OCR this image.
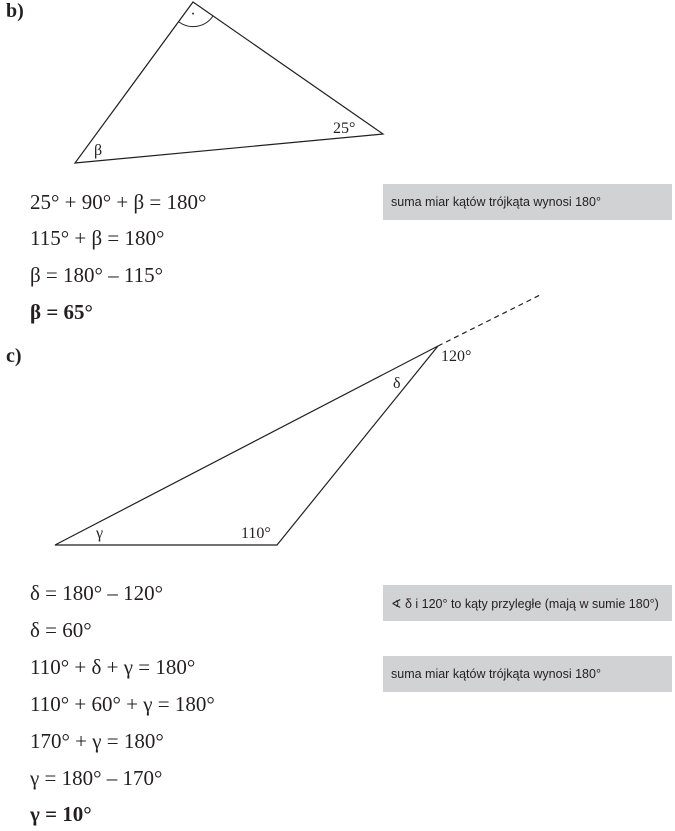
b)	·
25°
β
120°
δ
γ	110°
25° + 90° + β = 180°
115° + β = 180°
β = 180° – 115°
β = 65°
suma miar kątów trójkąta wynosi 180°
c)
δ = 180° – 120°
δ = 60°
110° + δ + γ = 180°
110° + 60° + γ = 180°
170° + γ = 180°
γ = 180° – 170°
γ = 10°
∢ δ i 120° to kąty przyległe (mają w sumie 180°)
suma miar kątów trójkąta wynosi 180°
